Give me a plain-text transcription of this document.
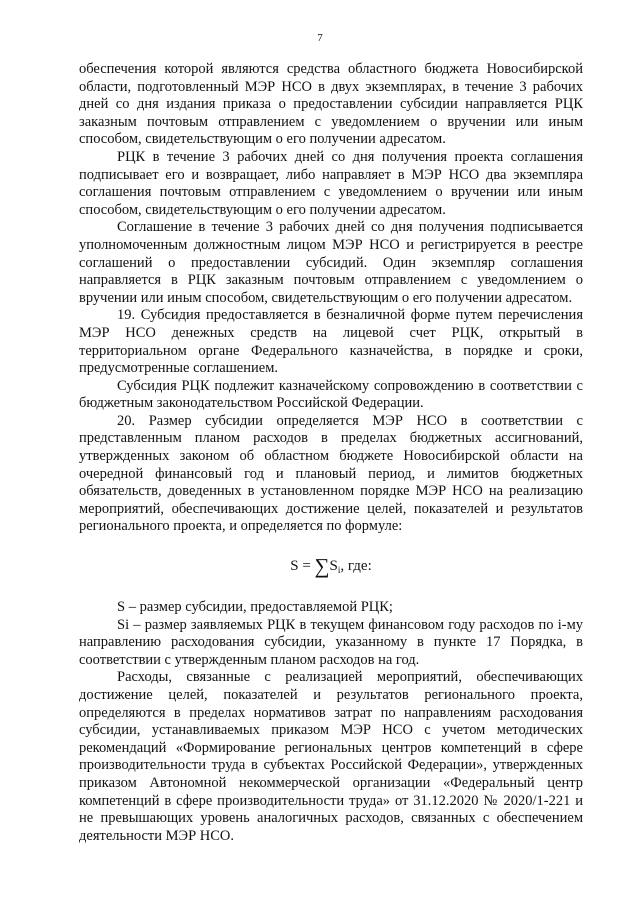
7

обеспечения которой являются средства областного бюджета Новосибирской области, подготовленный МЭР НСО в двух экземплярах, в течение 3 рабочих дней со дня издания приказа о предоставлении субсидии направляется РЦК заказным почтовым отправлением с уведомлением о вручении или иным способом, свидетельствующим о его получении адресатом.

РЦК в течение 3 рабочих дней со дня получения проекта соглашения подписывает его и возвращает, либо направляет в МЭР НСО два экземпляра соглашения почтовым отправлением с уведомлением о вручении или иным способом, свидетельствующим о его получении адресатом.

Соглашение в течение 3 рабочих дней со дня получения подписывается уполномоченным должностным лицом МЭР НСО и регистрируется в реестре соглашений о предоставлении субсидий. Один экземпляр соглашения направляется в РЦК заказным почтовым отправлением с уведомлением о вручении или иным способом, свидетельствующим о его получении адресатом.

19. Субсидия предоставляется в безналичной форме путем перечисления МЭР НСО денежных средств на лицевой счет РЦК, открытый в территориальном органе Федерального казначейства, в порядке и сроки, предусмотренные соглашением.

Субсидия РЦК подлежит казначейскому сопровождению в соответствии с бюджетным законодательством Российской Федерации.

20. Размер субсидии определяется МЭР НСО в соответствии с представленным планом расходов в пределах бюджетных ассигнований, утвержденных законом об областном бюджете Новосибирской области на очередной финансовый год и плановый период, и лимитов бюджетных обязательств, доведенных в установленном порядке МЭР НСО на реализацию мероприятий, обеспечивающих достижение целей, показателей и результатов регионального проекта, и определяется по формуле:

$S = \sum S_i$, где:

S – размер субсидии, предоставляемой РЦК;

Si – размер заявляемых РЦК в текущем финансовом году расходов по i-му направлению расходования субсидии, указанному в пункте 17 Порядка, в соответствии с утвержденным планом расходов на год.

Расходы, связанные с реализацией мероприятий, обеспечивающих достижение целей, показателей и результатов регионального проекта, определяются в пределах нормативов затрат по направлениям расходования субсидии, устанавливаемых приказом МЭР НСО с учетом методических рекомендаций «Формирование региональных центров компетенций в сфере производительности труда в субъектах Российской Федерации», утвержденных приказом Автономной некоммерческой организации «Федеральный центр компетенций в сфере производительности труда» от 31.12.2020 № 2020/1-221 и не превышающих уровень аналогичных расходов, связанных с обеспечением деятельности МЭР НСО.
